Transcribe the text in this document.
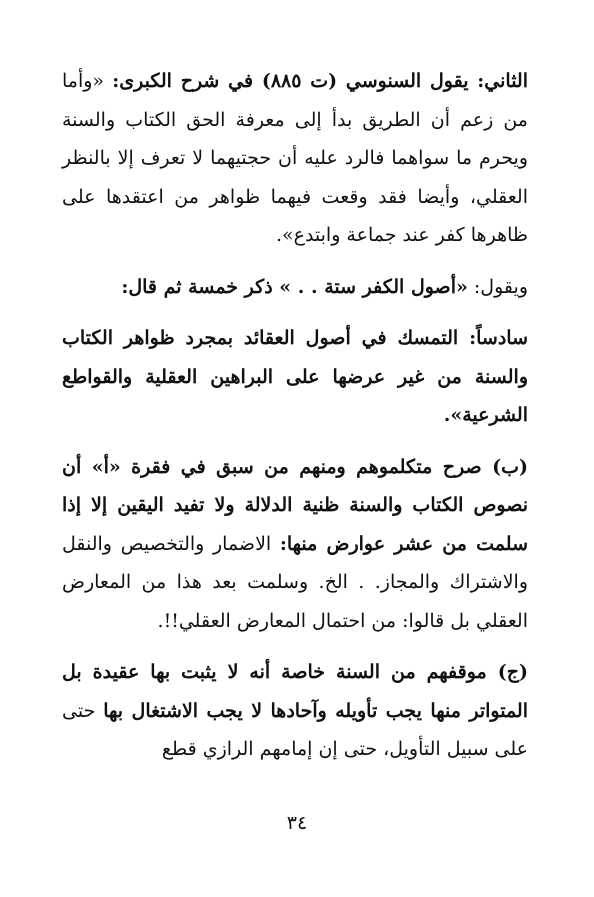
الثاني: يقول السنوسي (ت ٨٨٥) في شرح الكبرى: «وأما من زعم أن الطريق بدأ إلى معرفة الحق الكتاب والسنة ويحرم ما سواهما فالرد عليه أن حجتيهما لا تعرف إلا بالنظر العقلي، وأيضا فقد وقعت فيهما ظواهر من اعتقدها على ظاهرها كفر عند جماعة وابتدع».

ويقول: «أصول الكفر ستة . . » ذكر خمسة ثم قال:

سادساً: التمسك في أصول العقائد بمجرد ظواهر الكتاب والسنة من غير عرضها على البراهين العقلية والقواطع الشرعية».

(ب) صرح متكلموهم ومنهم من سبق في فقرة «أ» أن نصوص الكتاب والسنة ظنية الدلالة ولا تفيد اليقين إلا إذا سلمت من عشر عوارض منها: الاضمار والتخصيص والنقل والاشتراك والمجاز. . الخ. وسلمت بعد هذا من المعارض العقلي بل قالوا: من احتمال المعارض العقلي!!.

(ج) موقفهم من السنة خاصة أنه لا يثبت بها عقيدة بل المتواتر منها يجب تأويله وآحادها لا يجب الاشتغال بها حتى على سبيل التأويل، حتى إن إمامهم الرازي قطع

٣٤
